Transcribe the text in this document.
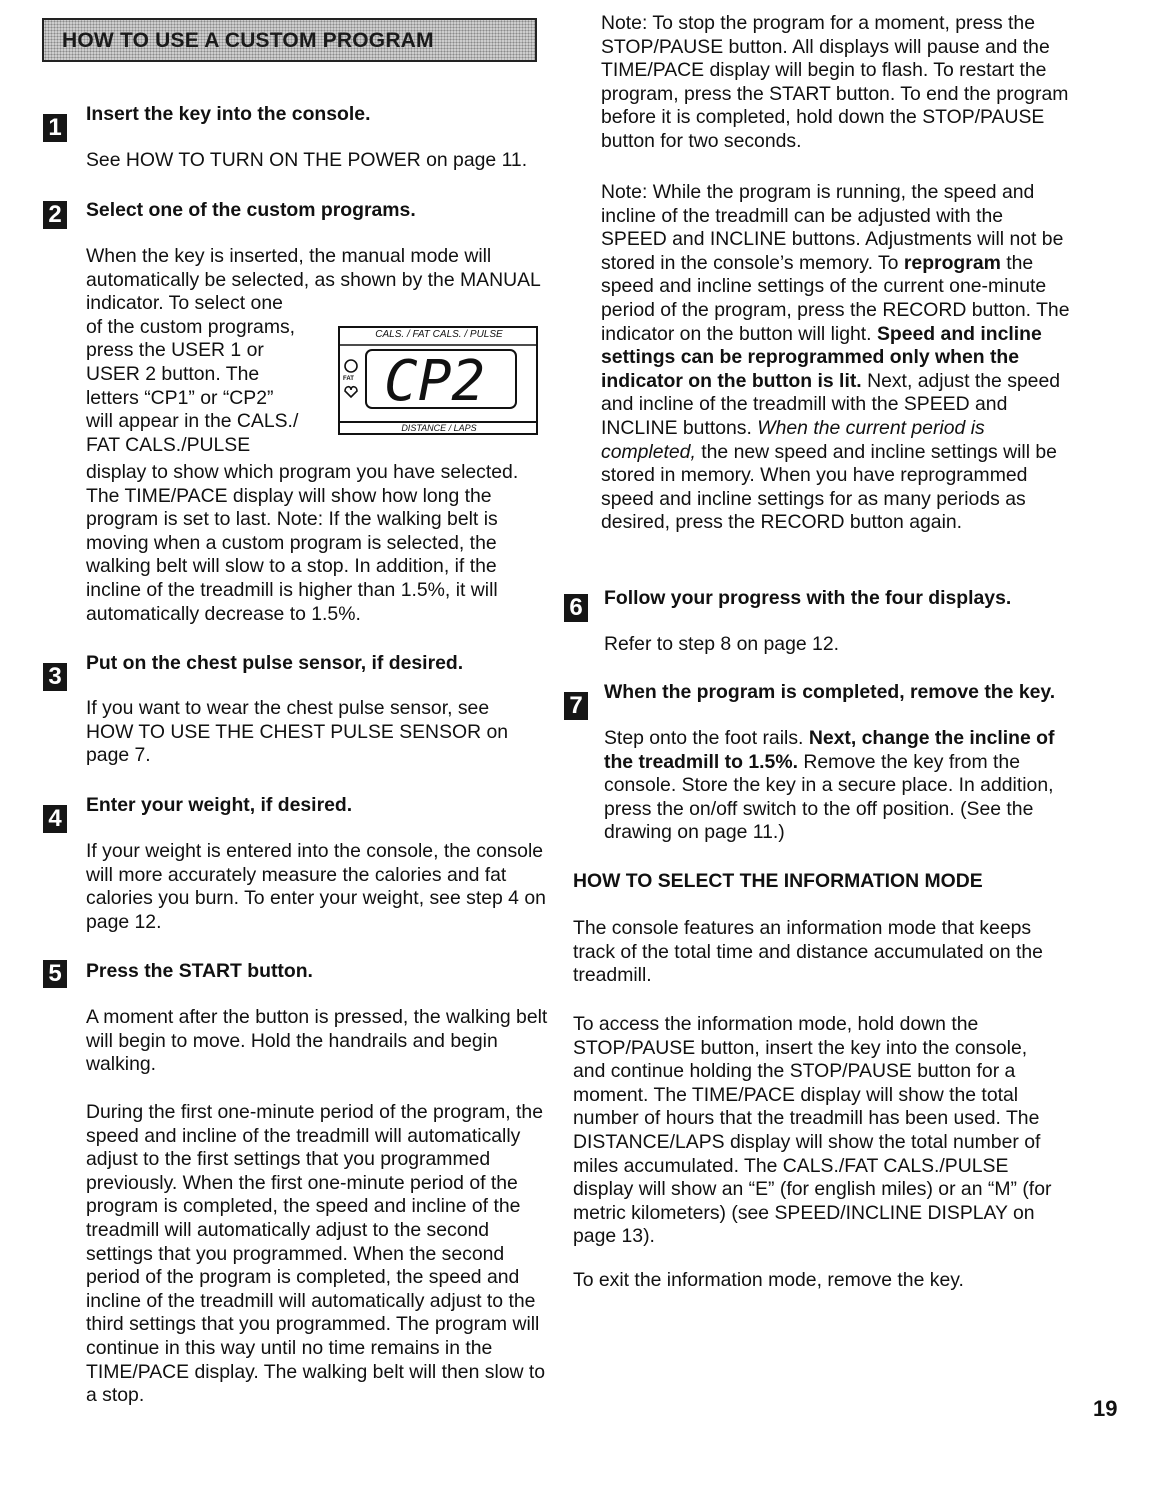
HOW TO USE A CUSTOM PROGRAM
1 Insert the key into the console.
See HOW TO TURN ON THE POWER on page 11.
2 Select one of the custom programs.
When the key is inserted, the manual mode will
automatically be selected, as shown by the MANUAL
indicator. To select one
of the custom programs,
press the USER 1 or
USER 2 button. The
letters “CP1” or “CP2”
will appear in the CALS./
FAT CALS./PULSE
display to show which program you have selected. The TIME/PACE display will show how long the program is set to last. Note: If the walking belt is moving when a custom program is selected, the walking belt will slow to a stop. In addition, if the incline of the treadmill is higher than 1.5%, it will automatically decrease to 1.5%.
CP2
CALS. / FAT CALS. / PULSE
FAT
DISTANCE / LAPS
3 Put on the chest pulse sensor, if desired.
If you want to wear the chest pulse sensor, see HOW TO USE THE CHEST PULSE SENSOR on page 7.
4 Enter your weight, if desired.
If your weight is entered into the console, the console will more accurately measure the calories and fat calories you burn. To enter your weight, see step 4 on page 12.
5 Press the START button.
A moment after the button is pressed, the walking belt will begin to move. Hold the handrails and begin walking.
During the first one-minute period of the program, the speed and incline of the treadmill will automatically adjust to the first settings that you programmed previously. When the first one-minute period of the program is completed, the speed and incline of the treadmill will automatically adjust to the second settings that you programmed. When the second period of the program is completed, the speed and incline of the treadmill will automatically adjust to the third settings that you programmed. The program will continue in this way until no time remains in the TIME/PACE display. The walking belt will then slow to a stop.
Note: To stop the program for a moment, press the STOP/PAUSE button. All displays will pause and the TIME/PACE display will begin to flash. To restart the program, press the START button. To end the program before it is completed, hold down the STOP/PAUSE button for two seconds.
Note: While the program is running, the speed and incline of the treadmill can be adjusted with the SPEED and INCLINE buttons. Adjustments will not be stored in the console’s memory. To reprogram the speed and incline settings of the current one-minute period of the program, press the RECORD button. The indicator on the button will light. Speed and incline settings can be reprogrammed only when the indicator on the button is lit. Next, adjust the speed and incline of the treadmill with the SPEED and INCLINE buttons. When the current period is completed, the new speed and incline settings will be stored in memory. When you have reprogrammed speed and incline settings for as many periods as desired, press the RECORD button again.
6 Follow your progress with the four displays.
Refer to step 8 on page 12.
7 When the program is completed, remove the key.
Step onto the foot rails. Next, change the incline of the treadmill to 1.5%. Remove the key from the console. Store the key in a secure place. In addition, press the on/off switch to the off position. (See the drawing on page 11.)
HOW TO SELECT THE INFORMATION MODE
The console features an information mode that keeps track of the total time and distance accumulated on the treadmill.
To access the information mode, hold down the STOP/PAUSE button, insert the key into the console, and continue holding the STOP/PAUSE button for a moment. The TIME/PACE display will show the total number of hours that the treadmill has been used. The DISTANCE/LAPS display will show the total number of miles accumulated. The CALS./FAT CALS./PULSE display will show an “E” (for english miles) or an “M” (for metric kilometers) (see SPEED/INCLINE DISPLAY on page 13).
To exit the information mode, remove the key.
19
